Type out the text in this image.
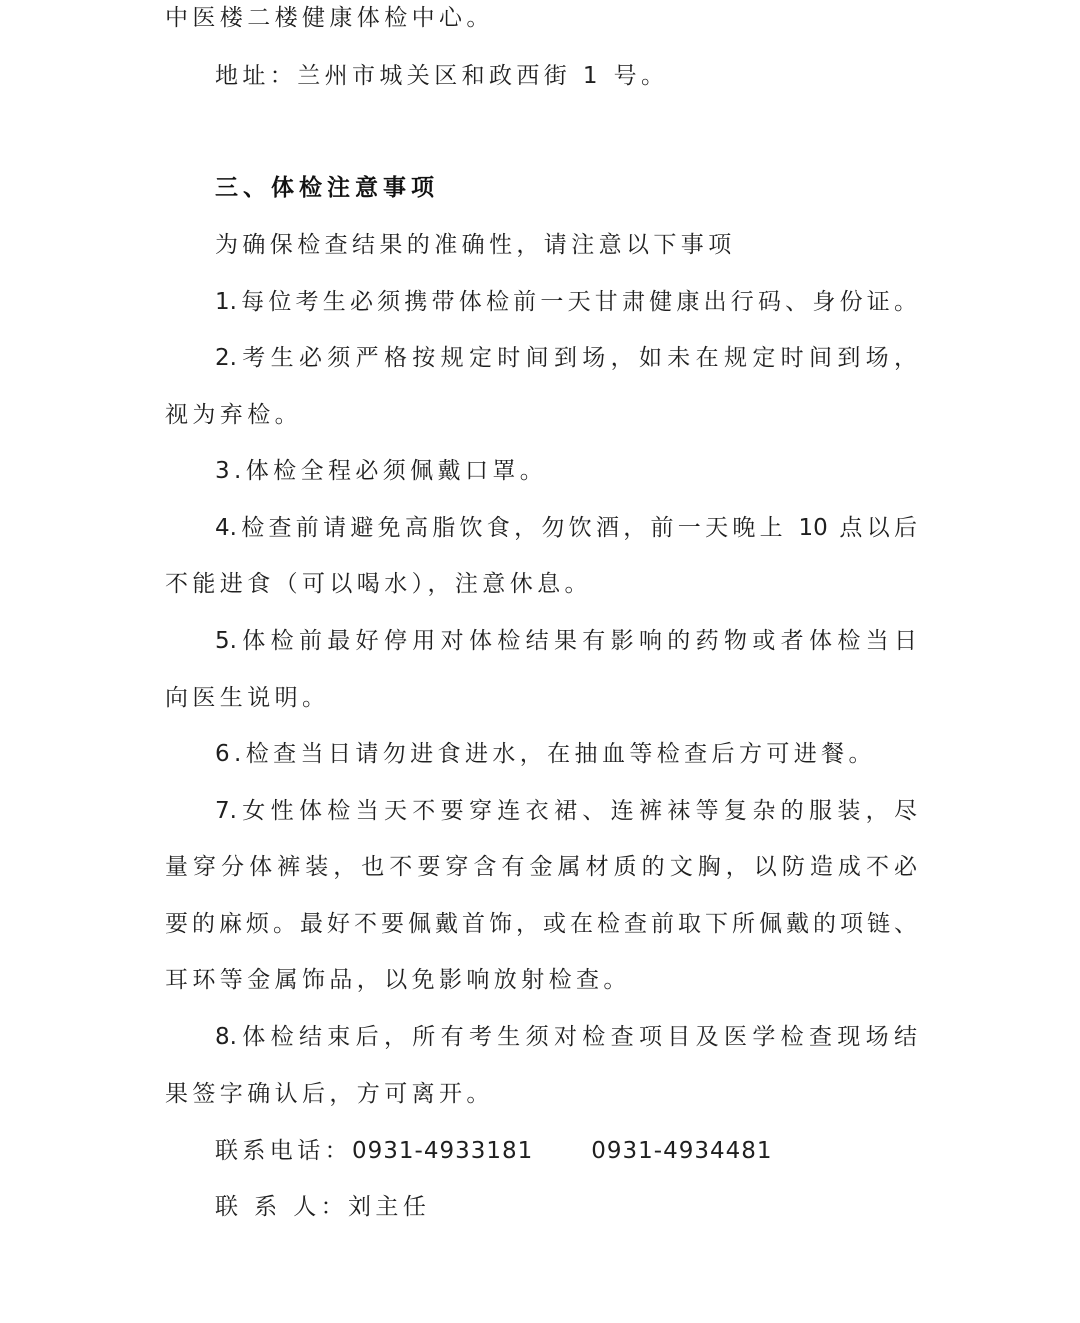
中医楼二楼健康体检中心。
地址：兰州市城关区和政西街 1 号。
三、体检注意事项
为确保检查结果的准确性，请注意以下事项
1.每位考生必须携带体检前一天甘肃健康出行码、身份证。
2.考生必须严格按规定时间到场，如未在规定时间到场，
视为弃检。
3.体检全程必须佩戴口罩。
4.检查前请避免高脂饮食，勿饮酒，前一天晚上 10 点以后
不能进食（可以喝水），注意休息。
5.体检前最好停用对体检结果有影响的药物或者体检当日
向医生说明。
6.检查当日请勿进食进水，在抽血等检查后方可进餐。
7.女性体检当天不要穿连衣裙、连裤袜等复杂的服装，尽
量穿分体裤装，也不要穿含有金属材质的文胸，以防造成不必
要的麻烦。最好不要佩戴首饰，或在检查前取下所佩戴的项链、
耳环等金属饰品，以免影响放射检查。
8.体检结束后，所有考生须对检查项目及医学检查现场结
果签字确认后，方可离开。
联系电话：0931-4933181	0931-4934481
联 系 人：刘主任
